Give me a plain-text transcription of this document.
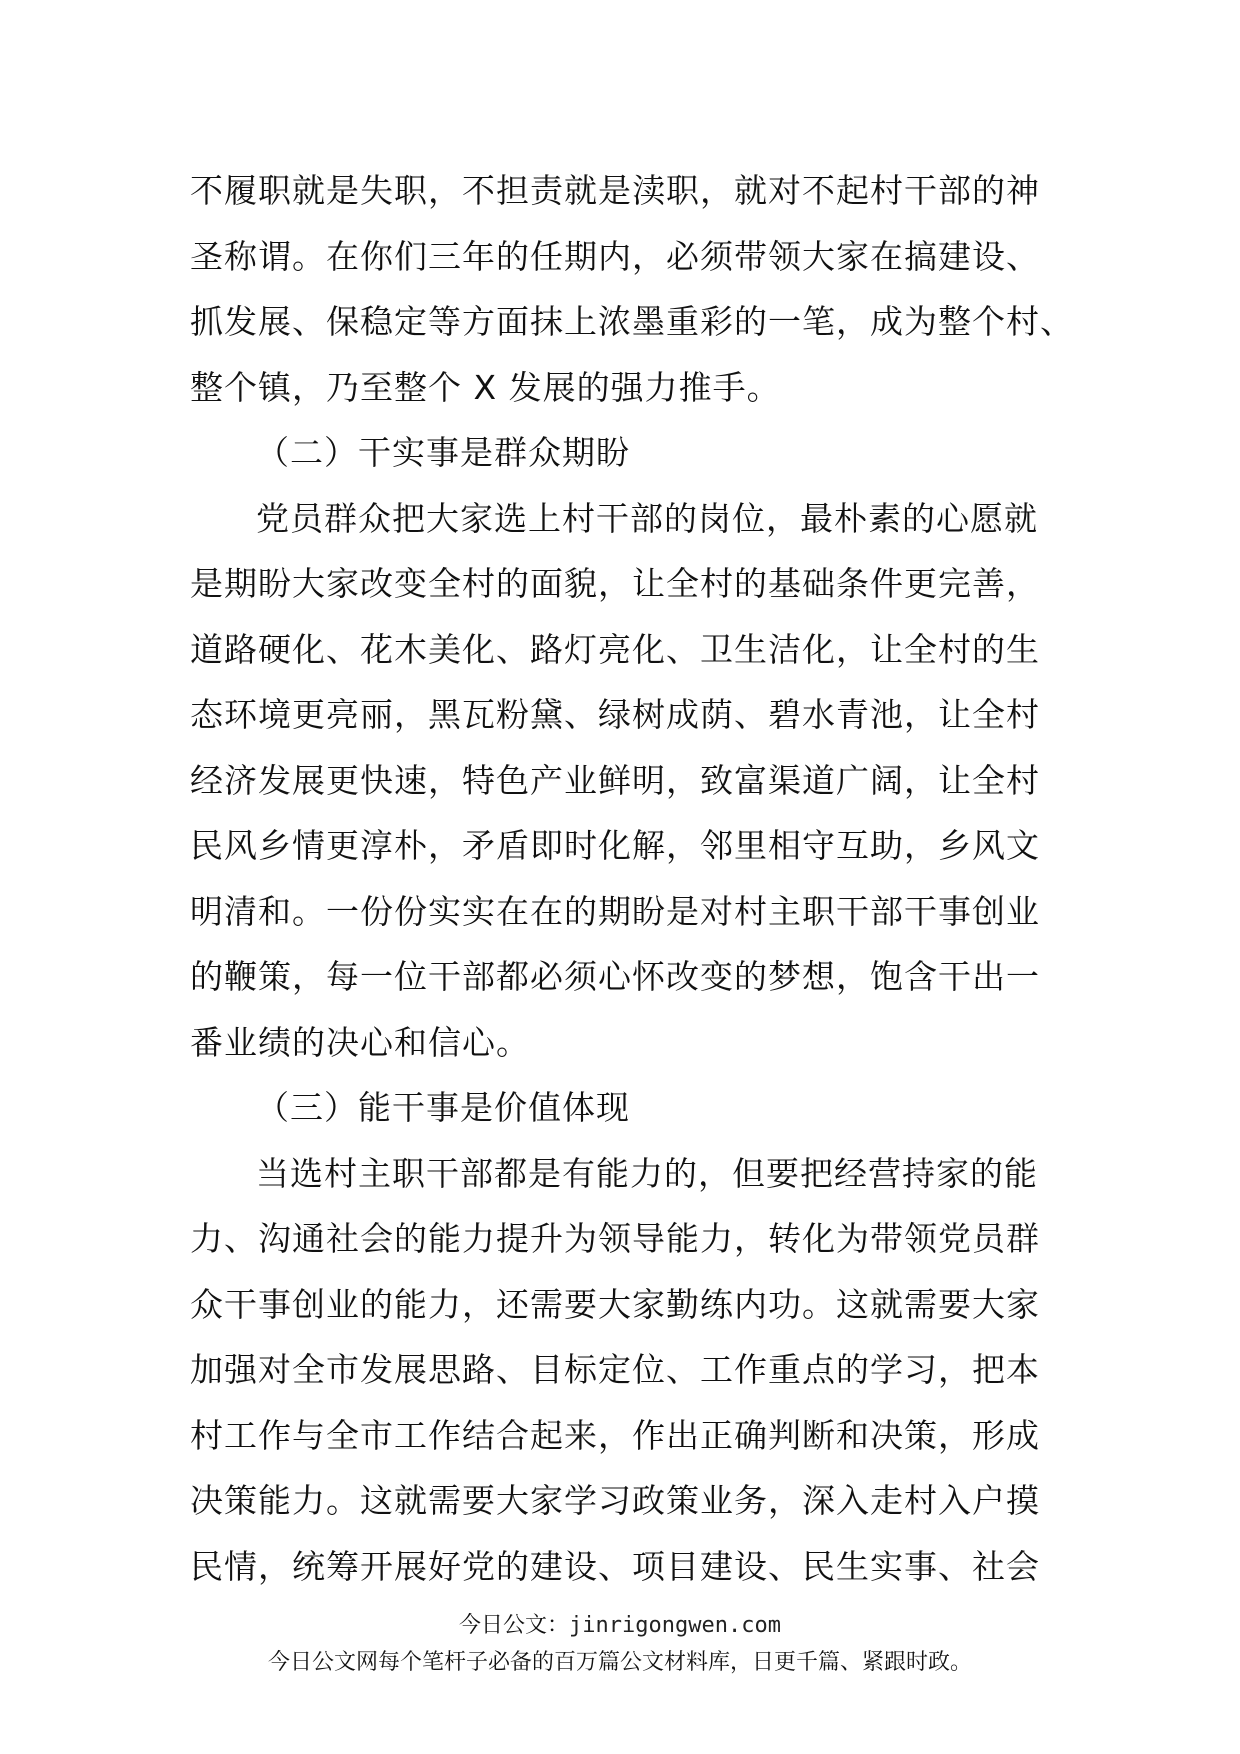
不履职就是失职，不担责就是渎职，就对不起村干部的神
圣称谓。在你们三年的任期内，必须带领大家在搞建设、
抓发展、保稳定等方面抹上浓墨重彩的一笔，成为整个村、
整个镇，乃至整个 X 发展的强力推手。
（二）干实事是群众期盼
党员群众把大家选上村干部的岗位，最朴素的心愿就
是期盼大家改变全村的面貌，让全村的基础条件更完善，
道路硬化、花木美化、路灯亮化、卫生洁化，让全村的生
态环境更亮丽，黑瓦粉黛、绿树成荫、碧水青池，让全村
经济发展更快速，特色产业鲜明，致富渠道广阔，让全村
民风乡情更淳朴，矛盾即时化解，邻里相守互助，乡风文
明清和。一份份实实在在的期盼是对村主职干部干事创业
的鞭策，每一位干部都必须心怀改变的梦想，饱含干出一
番业绩的决心和信心。
（三）能干事是价值体现
当选村主职干部都是有能力的，但要把经营持家的能
力、沟通社会的能力提升为领导能力，转化为带领党员群
众干事创业的能力，还需要大家勤练内功。这就需要大家
加强对全市发展思路、目标定位、工作重点的学习，把本
村工作与全市工作结合起来，作出正确判断和决策，形成
决策能力。这就需要大家学习政策业务，深入走村入户摸
民情，统筹开展好党的建设、项目建设、民生实事、社会
今日公文：jinrigongwen.com
今日公文网每个笔杆子必备的百万篇公文材料库，日更千篇、紧跟时政。
